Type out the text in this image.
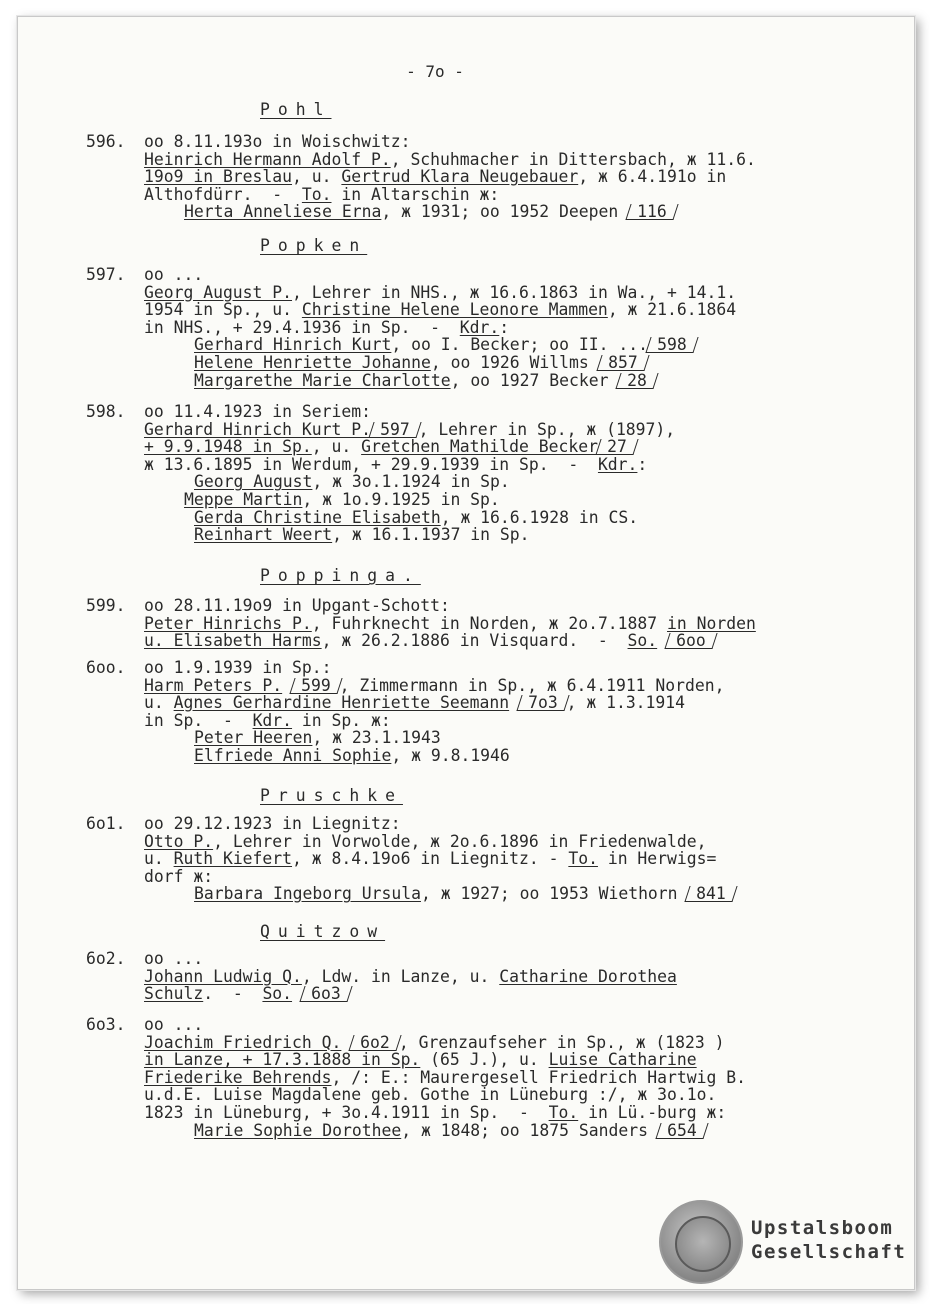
- 7o -
Pohl
596. oo 8.11.193o in Woischwitz:
Heinrich Hermann Adolf P., Schuhmacher in Dittersbach, ж 11.6.
19o9 in Breslau, u. Gertrud Klara Neugebauer, ж 6.4.191o in
Althofdürr.  -  To. in Altarschin ж:
Herta Anneliese Erna, ж 1931; oo 1952 Deepen 116
Popken
597. oo ...
Georg August P., Lehrer in NHS., ж 16.6.1863 in Wa., + 14.1.
1954 in Sp., u. Christine Helene Leonore Mammen, ж 21.6.1864
in NHS., + 29.4.1936 in Sp.  -  Kdr.:
Gerhard Hinrich Kurt, oo I. Becker; oo II. ... 598
Helene Henriette Johanne, oo 1926 Willms 857
Margarethe Marie Charlotte, oo 1927 Becker 28
598. oo 11.4.1923 in Seriem:
Gerhard Hinrich Kurt P. 597 , Lehrer in Sp., ж (1897),
+ 9.9.1948 in Sp., u. Gretchen Mathilde Becker 27
ж 13.6.1895 in Werdum, + 29.9.1939 in Sp.  -  Kdr.:
Georg August, ж 3o.1.1924 in Sp.
Meppe Martin, ж 1o.9.1925 in Sp.
Gerda Christine Elisabeth, ж 16.6.1928 in CS.
Reinhart Weert, ж 16.1.1937 in Sp.
Poppinga.
599. oo 28.11.19o9 in Upgant-Schott:
Peter Hinrichs P., Fuhrknecht in Norden, ж 2o.7.1887 in Norden
u. Elisabeth Harms, ж 26.2.1886 in Visquard.  -  So. 6oo
6oo. oo 1.9.1939 in Sp.:
Harm Peters P. 599 , Zimmermann in Sp., ж 6.4.1911 Norden,
u. Agnes Gerhardine Henriette Seemann 7o3 , ж 1.3.1914
in Sp.  -  Kdr. in Sp. ж:
Peter Heeren, ж 23.1.1943
Elfriede Anni Sophie, ж 9.8.1946
Pruschke
6o1. oo 29.12.1923 in Liegnitz:
Otto P., Lehrer in Vorwolde, ж 2o.6.1896 in Friedenwalde,
u. Ruth Kiefert, ж 8.4.19o6 in Liegnitz. - To. in Herwigs=
dorf ж:
Barbara Ingeborg Ursula, ж 1927; oo 1953 Wiethorn 841
Quitzow
6o2. oo ...
Johann Ludwig Q., Ldw. in Lanze, u. Catharine Dorothea
Schulz.  -  So. 6o3
6o3. oo ...
Joachim Friedrich Q. 6o2 , Grenzaufseher in Sp., ж (1823 )
in Lanze, + 17.3.1888 in Sp. (65 J.), u. Luise Catharine
Friederike Behrends, /: E.: Maurergesell Friedrich Hartwig B.
u.d.E. Luise Magdalene geb. Gothe in Lüneburg :/, ж 3o.1o.
1823 in Lüneburg, + 3o.4.1911 in Sp.  -  To. in Lü.-burg ж:
Marie Sophie Dorothee, ж 1848; oo 1875 Sanders 654
Upstalsboom
Gesellschaft
